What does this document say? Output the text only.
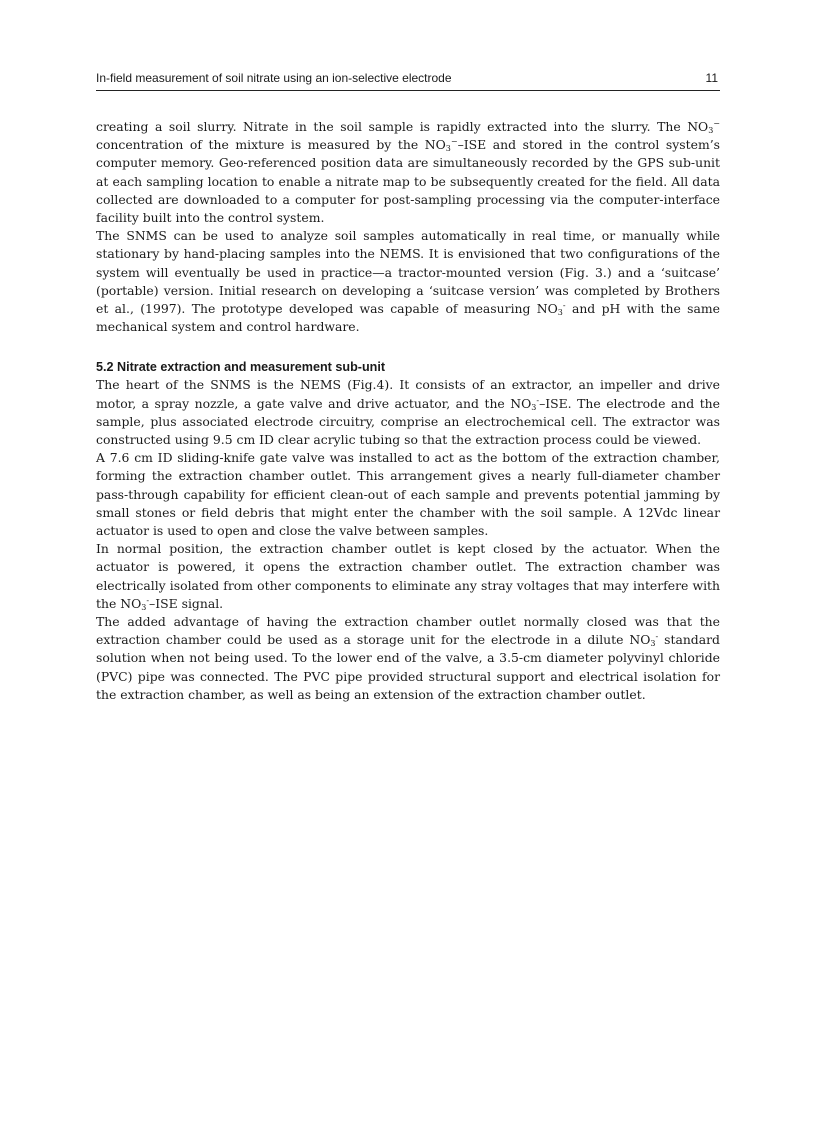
In-field measurement of soil nitrate using an ion-selective electrode	11

creating a soil slurry. Nitrate in the soil sample is rapidly extracted into the slurry. The $NO_3^-$ concentration of the mixture is measured by the $NO_3^-$–ISE and stored in the control system’s computer memory. Geo-referenced position data are simultaneously recorded by the GPS sub-unit at each sampling location to enable a nitrate map to be subsequently created for the field. All data collected are downloaded to a computer for post-sampling processing via the computer-interface facility built into the control system.

The SNMS can be used to analyze soil samples automatically in real time, or manually while stationary by hand-placing samples into the NEMS. It is envisioned that two configurations of the system will eventually be used in practice—a tractor-mounted version (Fig. 3.) and a ‘suitcase’ (portable) version. Initial research on developing a ‘suitcase version’ was completed by Brothers et al., (1997). The prototype developed was capable of measuring $NO_3^-$ and pH with the same mechanical system and control hardware.

5.2 Nitrate extraction and measurement sub-unit

The heart of the SNMS is the NEMS (Fig.4). It consists of an extractor, an impeller and drive motor, a spray nozzle, a gate valve and drive actuator, and the $NO_3^-$–ISE. The electrode and the sample, plus associated electrode circuitry, comprise an electrochemical cell. The extractor was constructed using 9.5 cm ID clear acrylic tubing so that the extraction process could be viewed.

A 7.6 cm ID sliding-knife gate valve was installed to act as the bottom of the extraction chamber, forming the extraction chamber outlet. This arrangement gives a nearly full-diameter chamber pass-through capability for efficient clean-out of each sample and prevents potential jamming by small stones or field debris that might enter the chamber with the soil sample. A 12Vdc linear actuator is used to open and close the valve between samples.

In normal position, the extraction chamber outlet is kept closed by the actuator. When the actuator is powered, it opens the extraction chamber outlet. The extraction chamber was electrically isolated from other components to eliminate any stray voltages that may interfere with the $NO_3^-$–ISE signal.

The added advantage of having the extraction chamber outlet normally closed was that the extraction chamber could be used as a storage unit for the electrode in a dilute $NO_3^-$ standard solution when not being used. To the lower end of the valve, a 3.5-cm diameter polyvinyl chloride (PVC) pipe was connected. The PVC pipe provided structural support and electrical isolation for the extraction chamber, as well as being an extension of the extraction chamber outlet.
